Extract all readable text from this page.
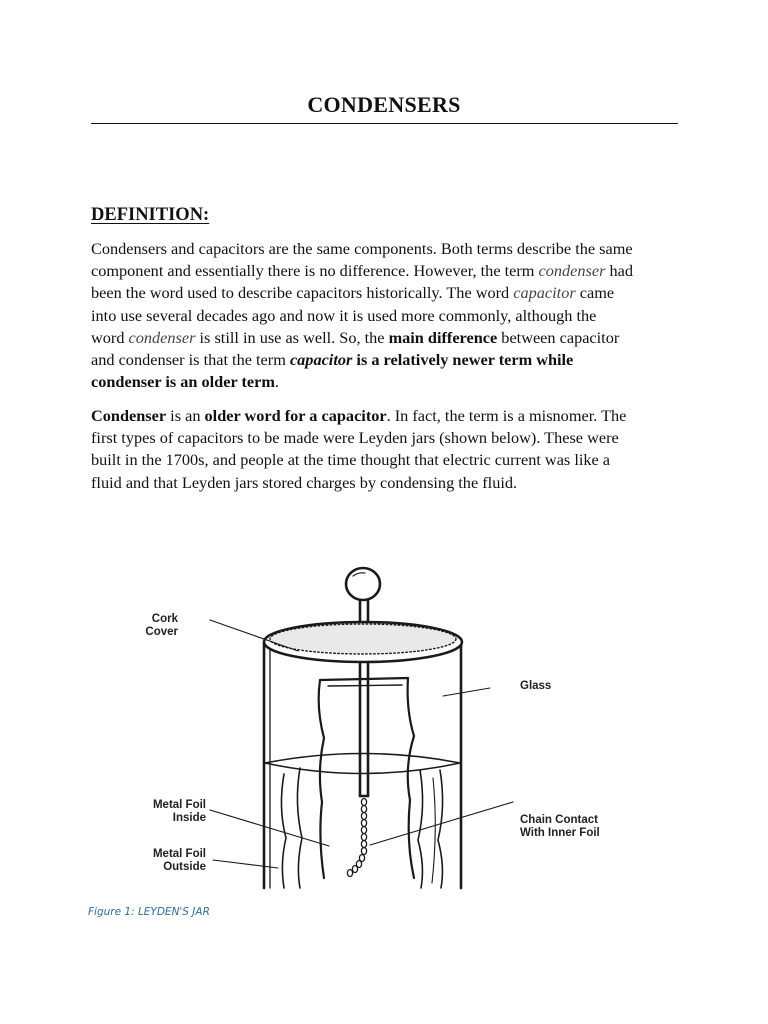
CONDENSERS
DEFINITION:

Condensers and capacitors are the same components. Both terms describe the same
component and essentially there is no difference. However, the term condenser had
been the word used to describe capacitors historically. The word capacitor came
into use several decades ago and now it is used more commonly, although the
word condenser is still in use as well. So, the main difference between capacitor
and condenser is that the term capacitor is a relatively newer term while
condenser is an older term.

Condenser is an older word for a capacitor. In fact, the term is a misnomer. The
first types of capacitors to be made were Leyden jars (shown below). These were
built in the 1700s, and people at the time thought that electric current was like a
fluid and that Leyden jars stored charges by condensing the fluid.

Cork Cover
Glass
Metal Foil Inside
Metal Foil Outside
Chain Contact With Inner Foil
Figure 1: LEYDEN'S JAR
